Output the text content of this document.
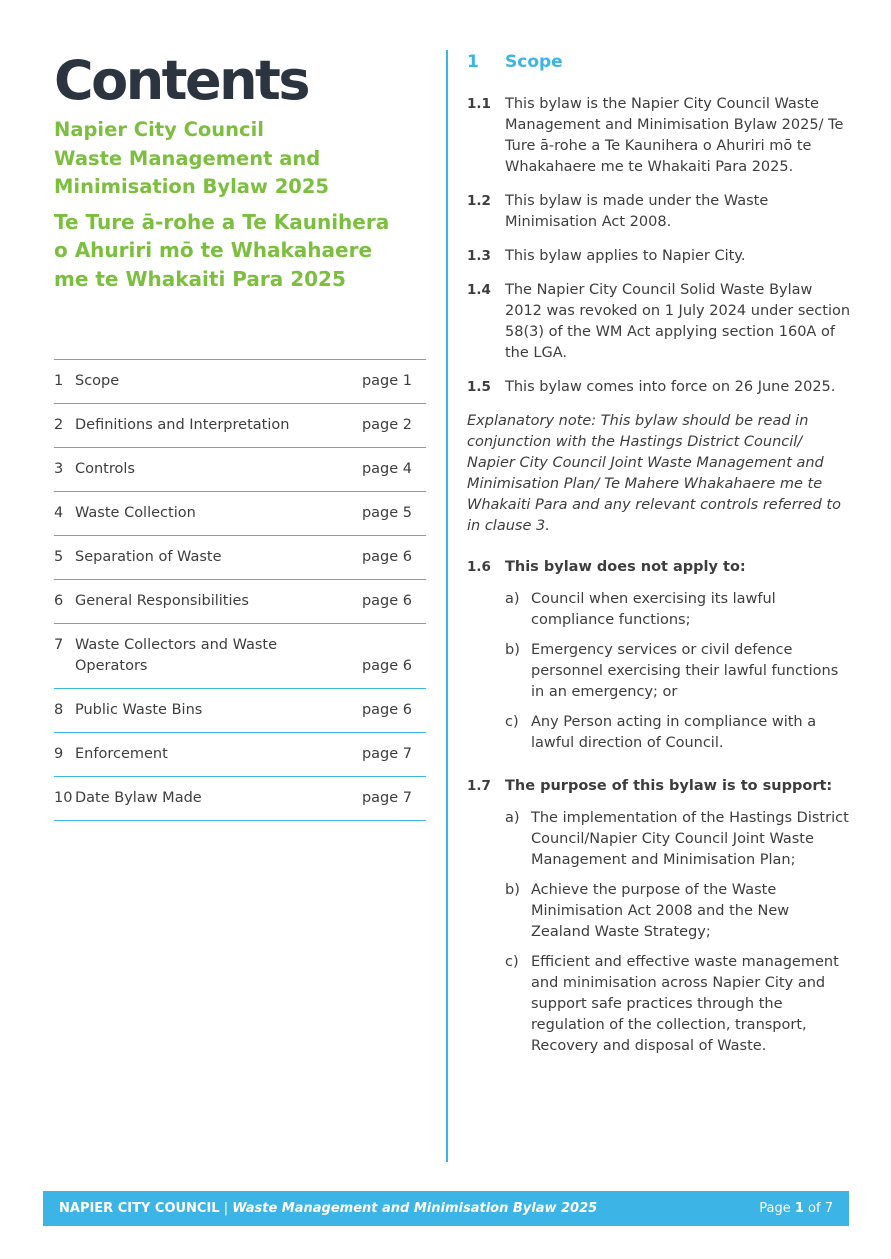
Contents
Napier City Council
Waste Management and
Minimisation Bylaw 2025
Te Ture ā-rohe a Te Kaunihera
o Ahuriri mō te Whakahaere
me te Whakaiti Para 2025
1 Scope	page 1
2 Definitions and Interpretation	page 2
3 Controls	page 4
4 Waste Collection	page 5
5 Separation of Waste	page 6
6 General Responsibilities	page 6
7 Waste Collectors and Waste Operators	page 6
8 Public Waste Bins	page 6
9 Enforcement	page 7
10 Date Bylaw Made	page 7
1	Scope
1.1 This bylaw is the Napier City Council Waste Management and Minimisation Bylaw 2025/ Te Ture ā-rohe a Te Kaunihera o Ahuriri mō te Whakahaere me te Whakaiti Para 2025.
1.2 This bylaw is made under the Waste Minimisation Act 2008.
1.3 This bylaw applies to Napier City.
1.4 The Napier City Council Solid Waste Bylaw 2012 was revoked on 1 July 2024 under section 58(3) of the WM Act applying section 160A of the LGA.
1.5 This bylaw comes into force on 26 June 2025.
Explanatory note: This bylaw should be read in conjunction with the Hastings District Council/ Napier City Council Joint Waste Management and Minimisation Plan/ Te Mahere Whakahaere me te Whakaiti Para and any relevant controls referred to in clause 3.
1.6 This bylaw does not apply to:
a) Council when exercising its lawful compliance functions;
b) Emergency services or civil defence personnel exercising their lawful functions in an emergency; or
c) Any Person acting in compliance with a lawful direction of Council.
1.7 The purpose of this bylaw is to support:
a) The implementation of the Hastings District Council/Napier City Council Joint Waste Management and Minimisation Plan;
b) Achieve the purpose of the Waste Minimisation Act 2008 and the New Zealand Waste Strategy;
c) Efficient and effective waste management and minimisation across Napier City and support safe practices through the regulation of the collection, transport, Recovery and disposal of Waste.
NAPIER CITY COUNCIL | Waste Management and Minimisation Bylaw 2025	Page 1 of 7
